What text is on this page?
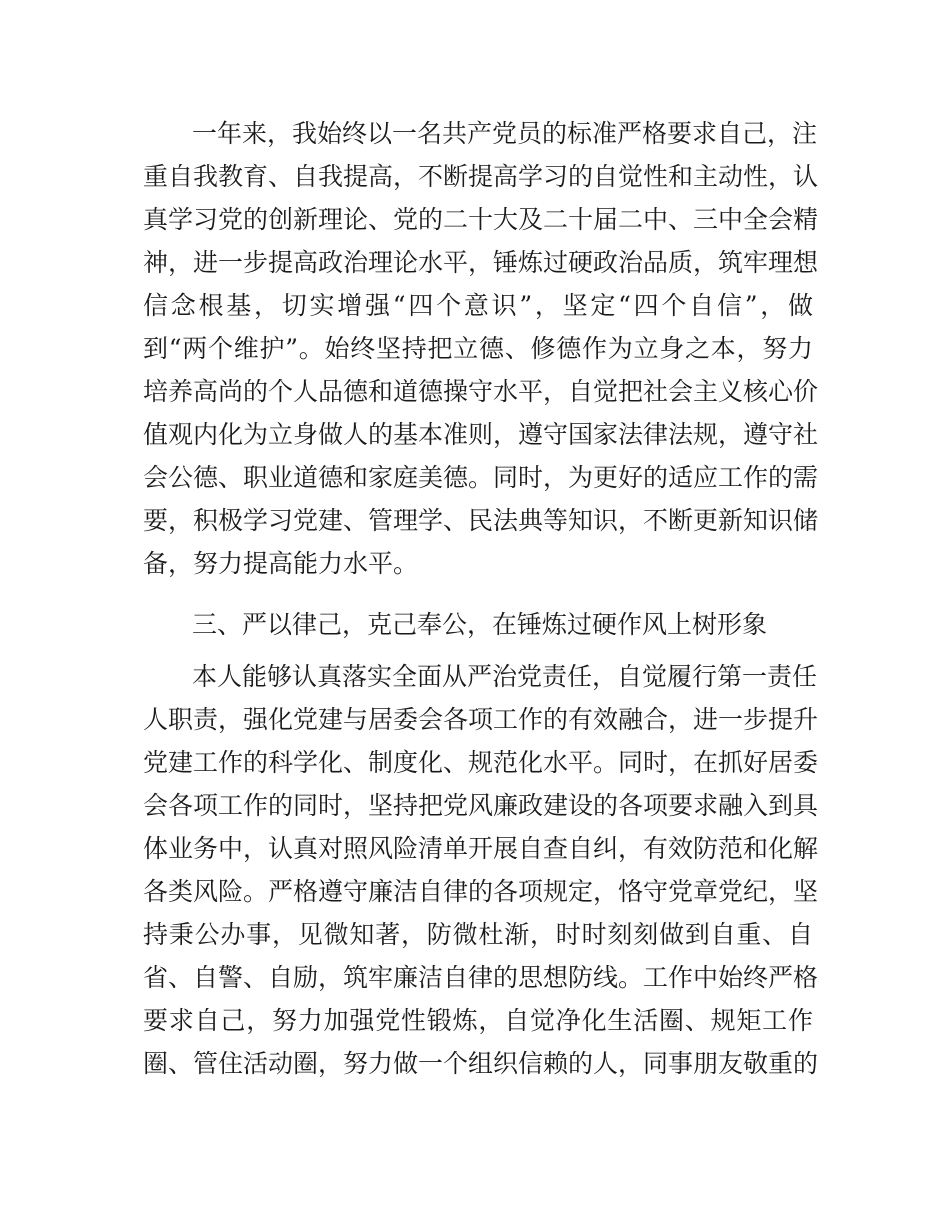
一年来，我始终以一名共产党员的标准严格要求自己，注
重自我教育、自我提高，不断提高学习的自觉性和主动性，认
真学习党的创新理论、党的二十大及二十届二中、三中全会精
神，进一步提高政治理论水平，锤炼过硬政治品质，筑牢理想
信念根基，切实增强“四个意识”，坚定“四个自信”，做
到“两个维护”。始终坚持把立德、修德作为立身之本，努力
培养高尚的个人品德和道德操守水平，自觉把社会主义核心价
值观内化为立身做人的基本准则，遵守国家法律法规，遵守社
会公德、职业道德和家庭美德。同时，为更好的适应工作的需
要，积极学习党建、管理学、民法典等知识，不断更新知识储
备，努力提高能力水平。
三、严以律己，克己奉公，在锤炼过硬作风上树形象
本人能够认真落实全面从严治党责任，自觉履行第一责任
人职责，强化党建与居委会各项工作的有效融合，进一步提升
党建工作的科学化、制度化、规范化水平。同时，在抓好居委
会各项工作的同时，坚持把党风廉政建设的各项要求融入到具
体业务中，认真对照风险清单开展自查自纠，有效防范和化解
各类风险。严格遵守廉洁自律的各项规定，恪守党章党纪，坚
持秉公办事，见微知著，防微杜渐，时时刻刻做到自重、自
省、自警、自励，筑牢廉洁自律的思想防线。工作中始终严格
要求自己，努力加强党性锻炼，自觉净化生活圈、规矩工作
圈、管住活动圈，努力做一个组织信赖的人，同事朋友敬重的
